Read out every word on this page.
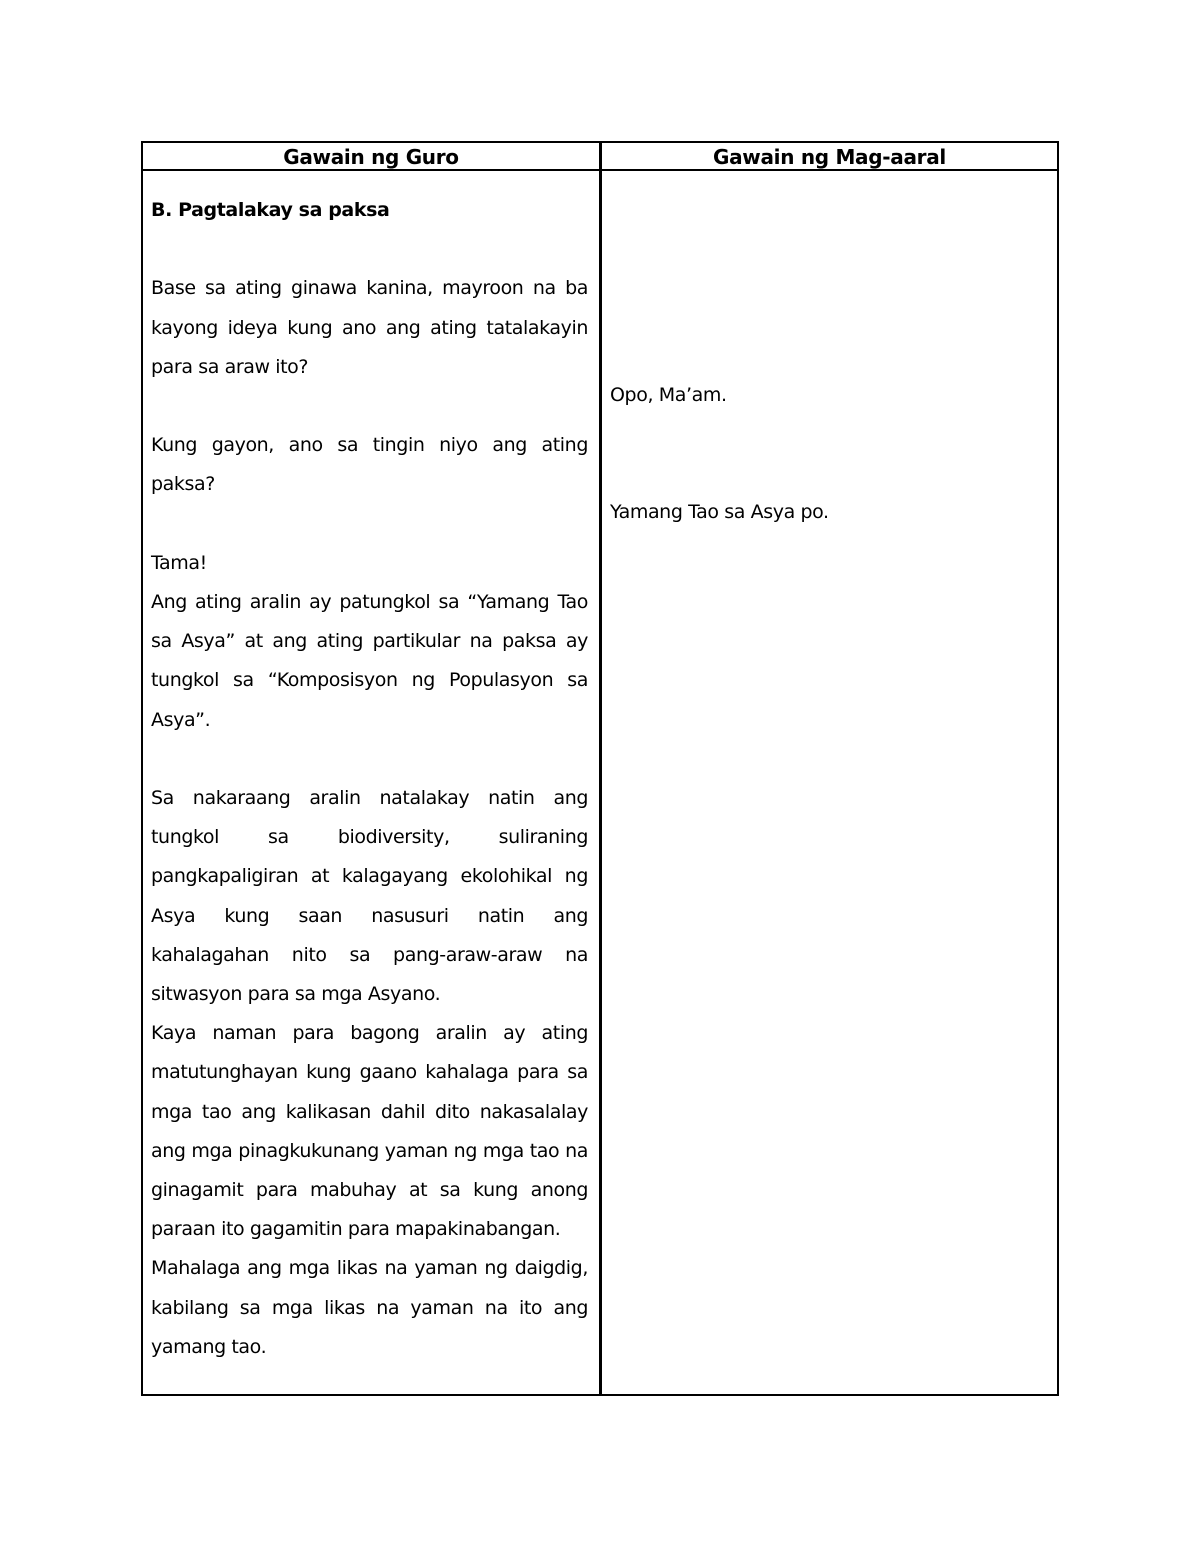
Gawain ng Guro	Gawain ng Mag-aaral

B. Pagtalakay sa paksa

Base sa ating ginawa kanina, mayroon na ba kayong ideya kung ano ang ating tatalakayin para sa araw ito?

Kung gayon, ano sa tingin niyo ang ating paksa?

Tama!

Ang ating aralin ay patungkol sa “Yamang Tao sa Asya” at ang ating partikular na paksa ay tungkol sa “Komposisyon ng Populasyon sa Asya”.

Sa nakaraang aralin natalakay natin ang tungkol sa biodiversity, suliraning pangkapaligiran at kalagayang ekolohikal ng Asya kung saan nasusuri natin ang kahalagahan nito sa pang-araw-araw na sitwasyon para sa mga Asyano.

Kaya naman para bagong aralin ay ating matutunghayan kung gaano kahalaga para sa mga tao ang kalikasan dahil dito nakasalalay ang mga pinagkukunang yaman ng mga tao na ginagamit para mabuhay at sa kung anong paraan ito gagamitin para mapakinabangan.

Mahalaga ang mga likas na yaman ng daigdig, kabilang sa mga likas na yaman na ito ang yamang tao.

Opo, Ma’am.
Yamang Tao sa Asya po.
